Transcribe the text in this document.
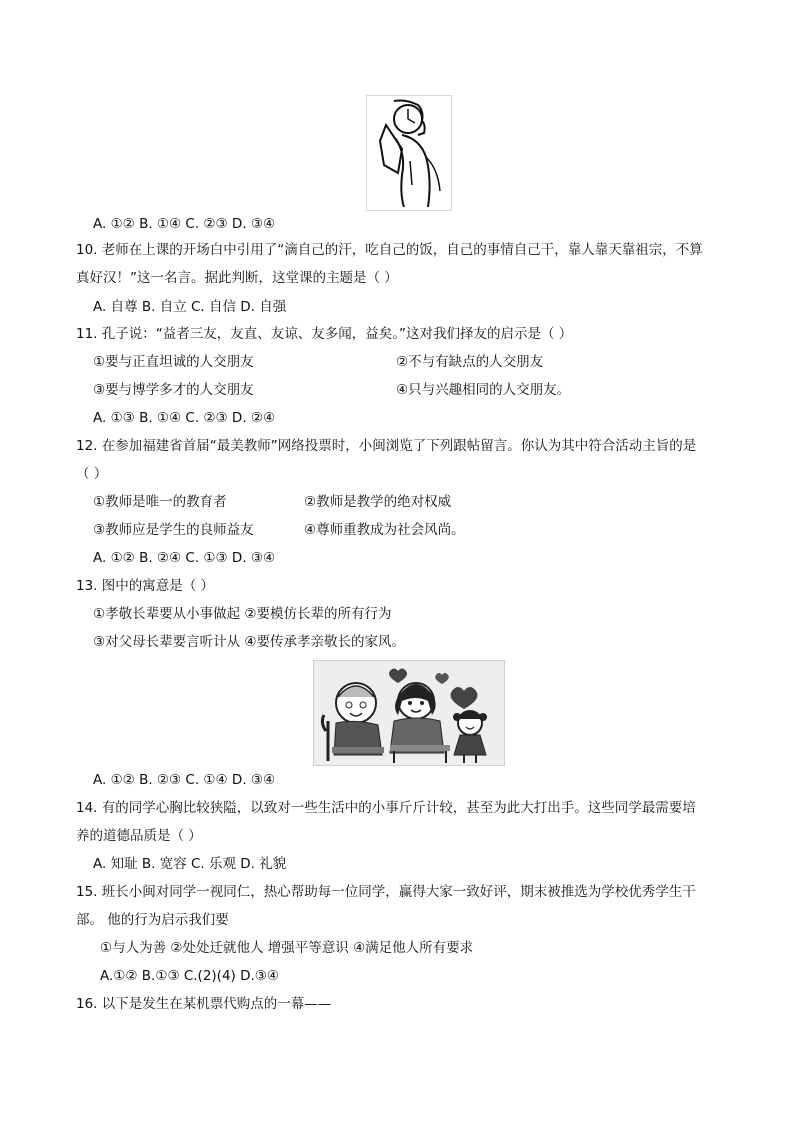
A. ①② B. ①④ C. ②③ D. ③④
10. 老师在上课的开场白中引用了“滴自己的汗，吃自己的饭，自己的事情自己干，靠人靠天靠祖宗，不算
真好汉！”这一名言。据此判断，这堂课的主题是（ ）
A. 自尊 B. 自立 C. 自信 D. 自强
11. 孔子说：“益者三友，友直、友谅、友多闻，益矣。”这对我们择友的启示是（ ）
①要与正直坦诚的人交朋友	②不与有缺点的人交朋友
③要与博学多才的人交朋友	④只与兴趣相同的人交朋友。
A. ①③ B. ①④ C. ②③ D. ②④
12. 在参加福建省首届“最美教师”网络投票时，小闽浏览了下列跟帖留言。你认为其中符合活动主旨的是
（ ）
①教师是唯一的教育者	②教师是教学的绝对权威
③教师应是学生的良师益友	④尊师重教成为社会风尚。
A. ①② B. ②④ C. ①③ D. ③④
13. 图中的寓意是（ ）
①孝敬长辈要从小事做起 ②要模仿长辈的所有行为
③对父母长辈要言听计从 ④要传承孝亲敬长的家风。
A. ①② B. ②③ C. ①④ D. ③④
14. 有的同学心胸比较狭隘，以致对一些生活中的小事斤斤计较，甚至为此大打出手。这些同学最需要培
养的道德品质是（ ）
A. 知耻 B. 宽容 C. 乐观 D. 礼貌
15. 班长小闽对同学一视同仁，热心帮助每一位同学，赢得大家一致好评，期末被推选为学校优秀学生干
部。 他的行为启示我们要
①与人为善 ②处处迁就他人 增强平等意识 ④满足他人所有要求
A.①② B.①③ C.(2)(4) D.③④
16. 以下是发生在某机票代购点的一幕——
